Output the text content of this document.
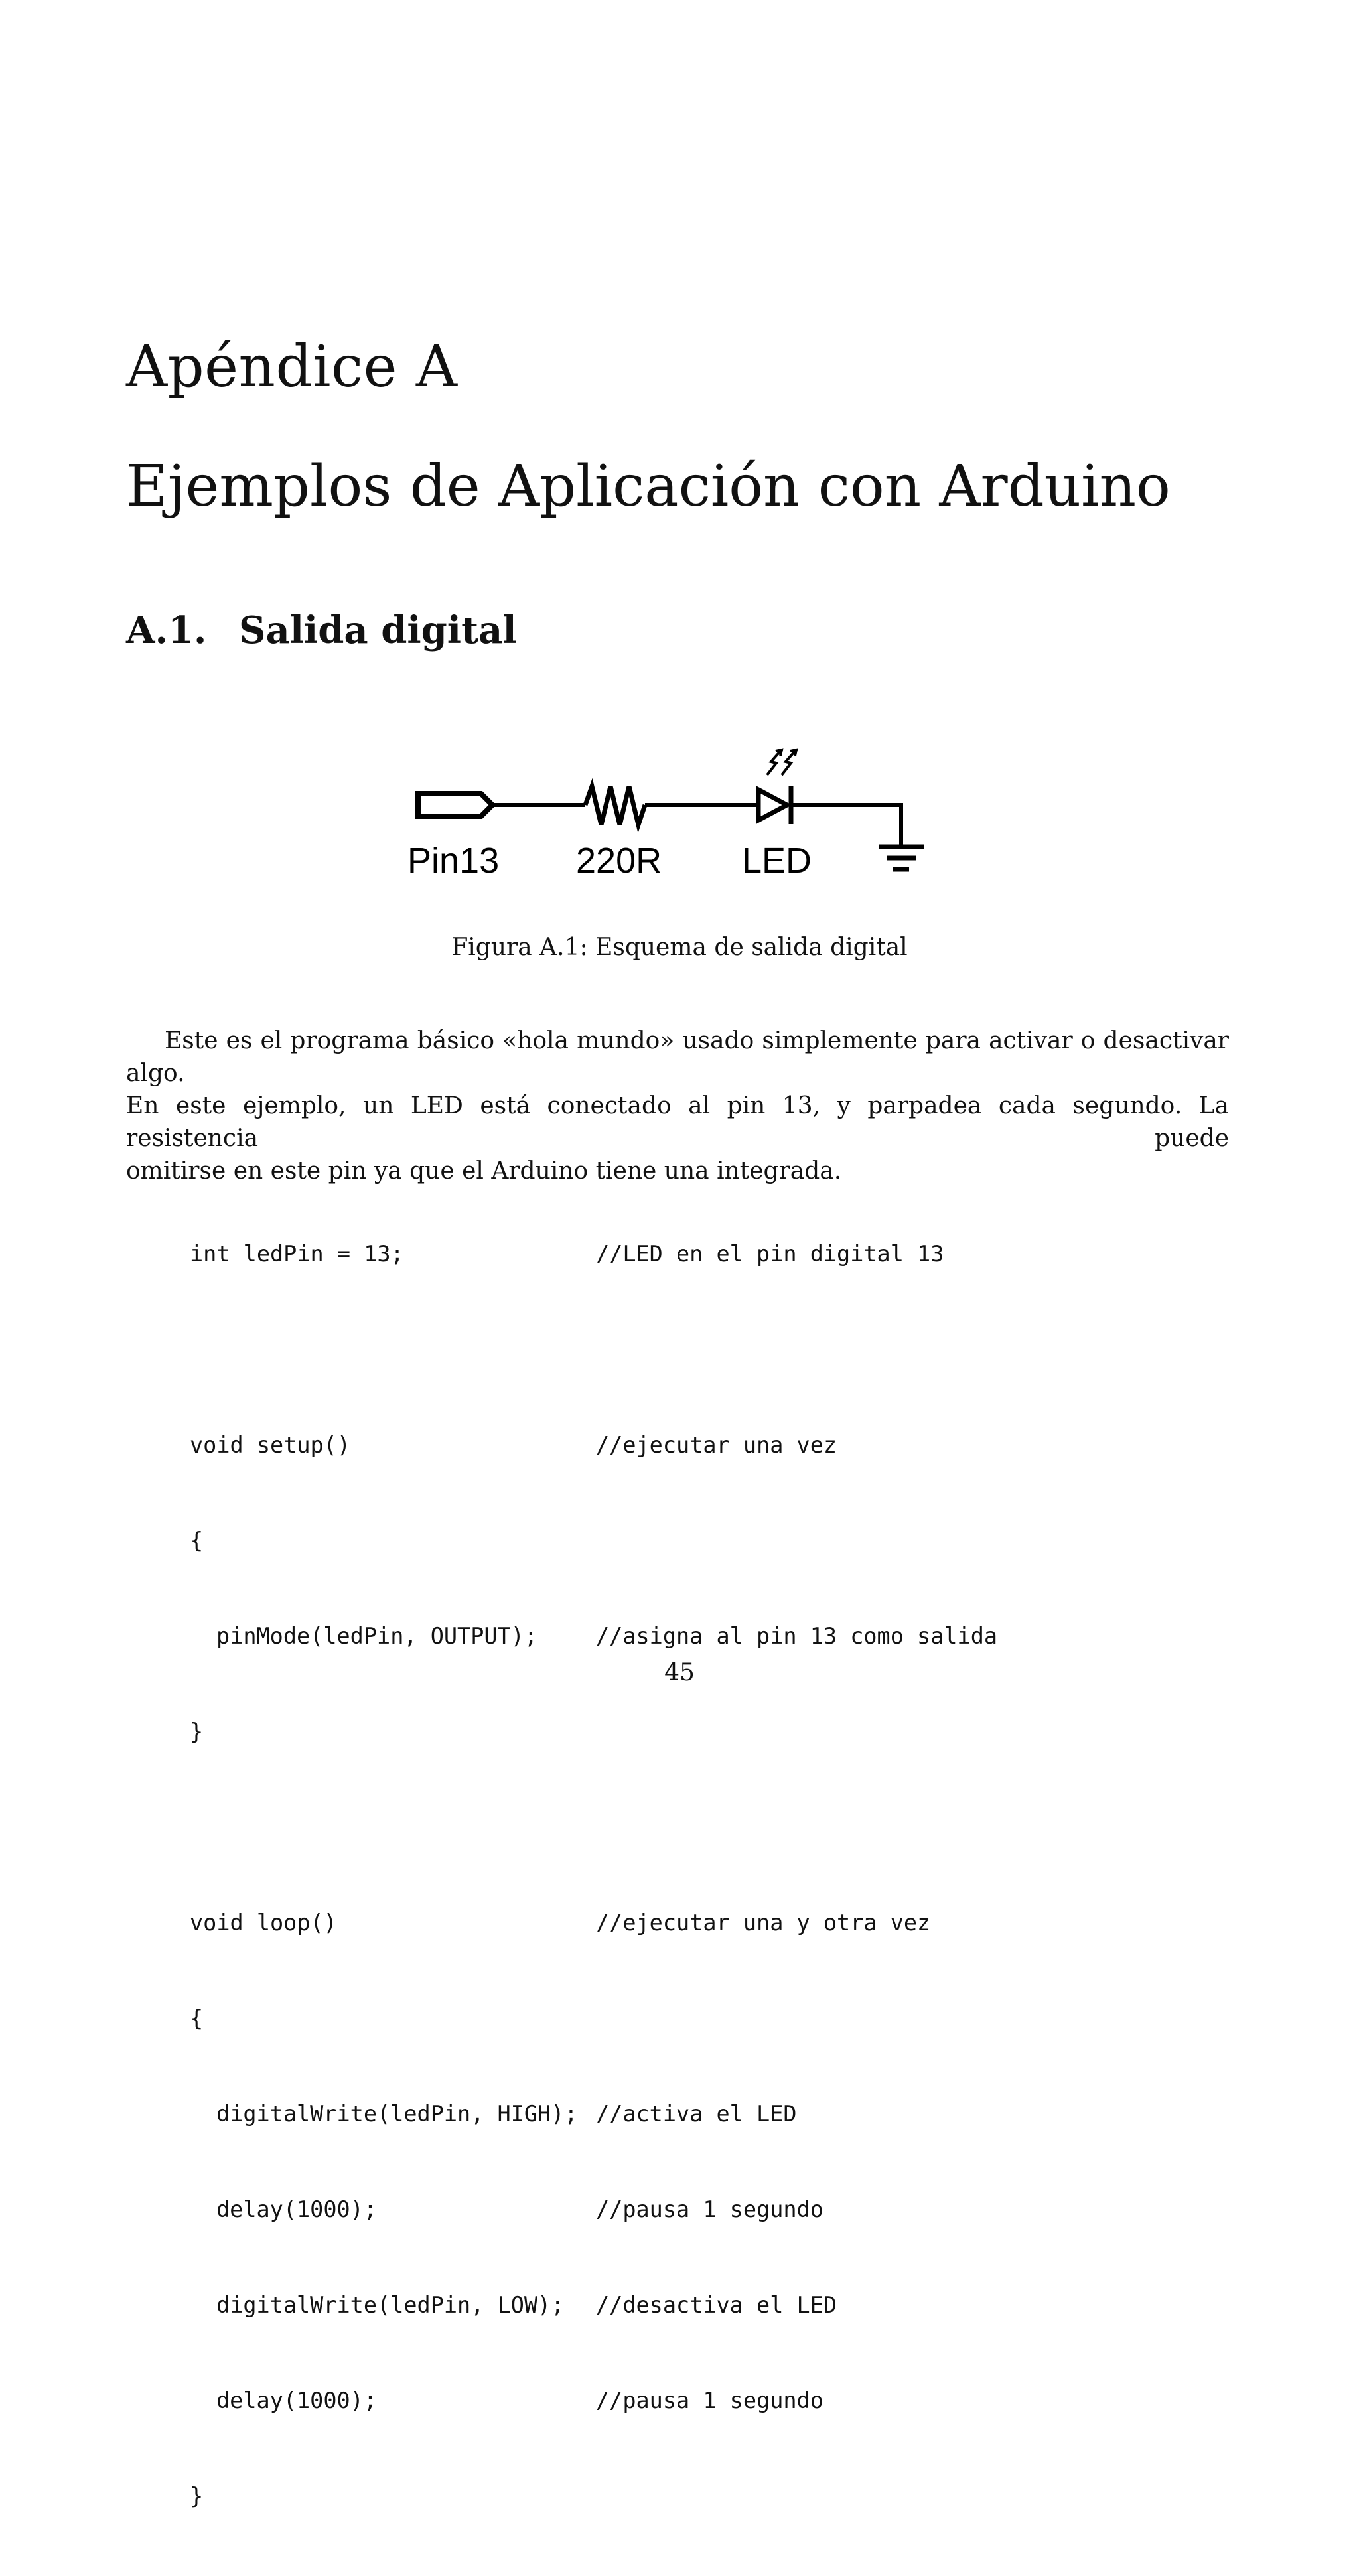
Apéndice A
Ejemplos de Aplicación con Arduino
A.1. Salida digital
Pin13 220R LED
Figura A.1: Esquema de salida digital

Este es el programa básico «hola mundo» usado simplemente para activar o desactivar algo.
En este ejemplo, un LED está conectado al pin 13, y parpadea cada segundo. La resistencia puede
omitirse en este pin ya que el Arduino tiene una integrada.

int ledPin = 13;	//LED en el pin digital 13

void setup()	//ejecutar una vez

{

pinMode(ledPin, OUTPUT);	//asigna al pin 13 como salida

}

void loop()	//ejecutar una y otra vez

{

digitalWrite(ledPin, HIGH); //activa el LED

delay(1000);	//pausa 1 segundo

digitalWrite(ledPin, LOW); //desactiva el LED

delay(1000);	//pausa 1 segundo

}

45
